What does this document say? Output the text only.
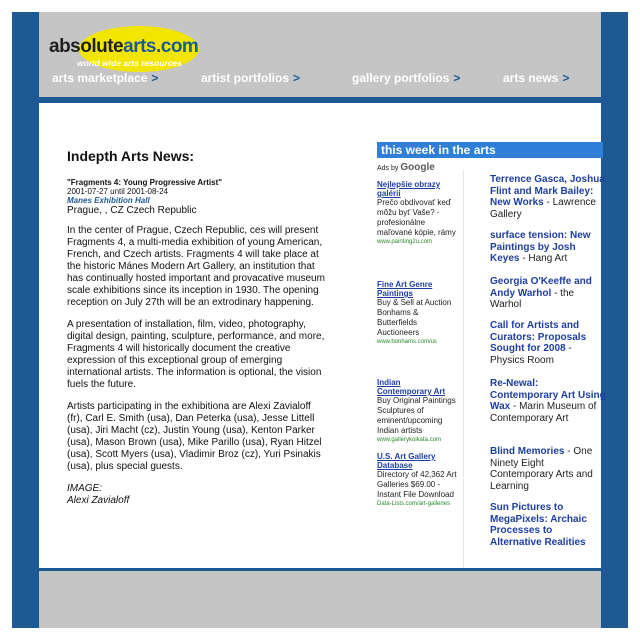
absolutearts.com
world wide arts resources
arts marketplace >	artist portfolios >	gallery portfolios >	arts news >
Indepth Arts News:
"Fragments 4: Young Progressive Artist"
2001-07-27 until 2001-08-24
Manes Exhibition Hall
Prague, , CZ Czech Republic

In the center of Prague, Czech Republic, ces will present Fragments 4, a multi-media exhibition of young American, French, and Czech artists. Fragments 4 will take place at the historic Mánes Modern Art Gallery, an institution that has continually hosted important and provacative museum scale exhibitions since its inception in 1930. The opening reception on July 27th will be an extrodinary happening.

A presentation of installation, film, video, photography, digital design, painting, sculpture, performance, and more, Fragments 4 will historically document the creative expression of this exceptional group of emerging international artists. The information is optional, the vision fuels the future.

Artists participating in the exhibitiona are Alexi Zavialoff (fr), Carl E. Smith (usa), Dan Peterka (usa), Jesse Littell (usa), Jiri Macht (cz), Justin Young (usa), Kenton Parker (usa), Mason Brown (usa), Mike Parillo (usa), Ryan Hitzel (usa), Scott Myers (usa), Vladimir Broz (cz), Yuri Psinakis (usa), plus special guests.

IMAGE:
Alexi Zavialoff
this week in the arts
Ads by Google
Nejlepšie obrazy galérii
Prečo obdivovať keď môžu byť Vaše? -profesionálne maľované kópie, rámy
www.painting2u.com
Fine Art Genre Paintings
Buy & Sell at Auction Bonhams & Butterfields Auctioneers
www.bonhams.com/us
Indian Contemporary Art
Buy Original Paintings Sculptures of eminent/upcoming Indian artists
www.gallerykolkata.com
U.S. Art Gallery Database
Directory of 42,362 Art Galleries $69.00 - Instant File Download
Data-Lists.com/art-galleries
Terrence Gasca, Joshua Flint and Mark Bailey: New Works - Lawrence Gallery
surface tension: New Paintings by Josh Keyes - Hang Art
Georgia O'Keeffe and Andy Warhol - the Warhol
Call for Artists and Curators: Proposals Sought for 2008 - Physics Room
Re-Newal: Contemporary Art Using Wax - Marin Museum of Contemporary Art
Blind Memories - One Ninety Eight Contemporary Arts and Learning
Sun Pictures to MegaPixels: Archaic Processes to Alternative Realities
